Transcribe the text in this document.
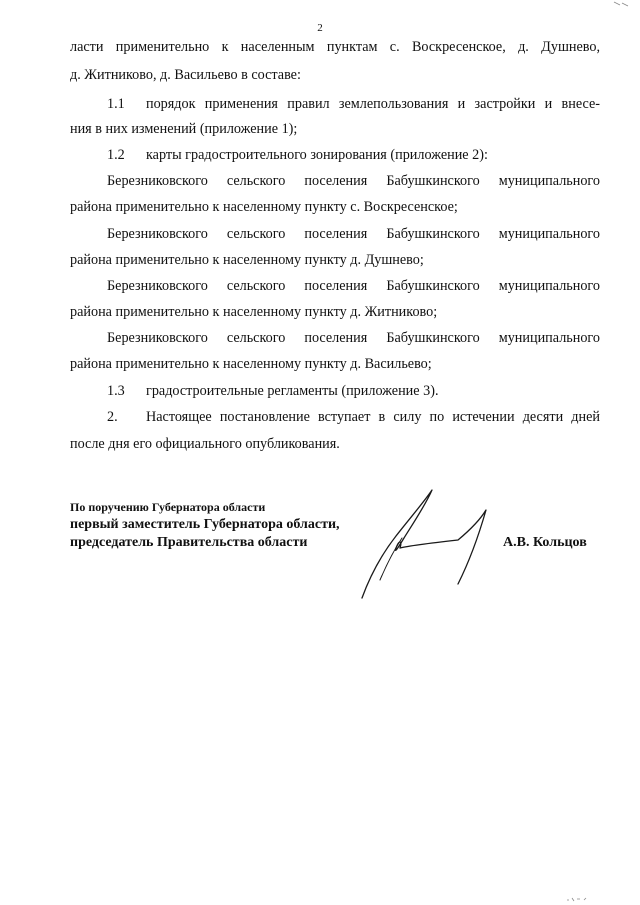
2
ласти применительно к населенным пунктам с. Воскресенское, д. Душнево,
д. Житниково, д. Васильево в составе:
1.1 порядок применения правил землепользования и застройки и внесе-
ния в них изменений (приложение 1);
1.2 карты градостроительного зонирования (приложение 2):
Березниковского сельского поселения Бабушкинского муниципального
района применительно к населенному пункту с. Воскресенское;
Березниковского сельского поселения Бабушкинского муниципального
района применительно к населенному пункту д. Душнево;
Березниковского сельского поселения Бабушкинского муниципального
района применительно к населенному пункту д. Житниково;
Березниковского сельского поселения Бабушкинского муниципального
района применительно к населенному пункту д. Васильево;
1.3 градостроительные регламенты (приложение 3).
2. Настоящее постановление вступает в силу по истечении десяти дней
после дня его официального опубликования.
По поручению Губернатора области
первый заместитель Губернатора области,
председатель Правительства области	А.В. Кольцов
